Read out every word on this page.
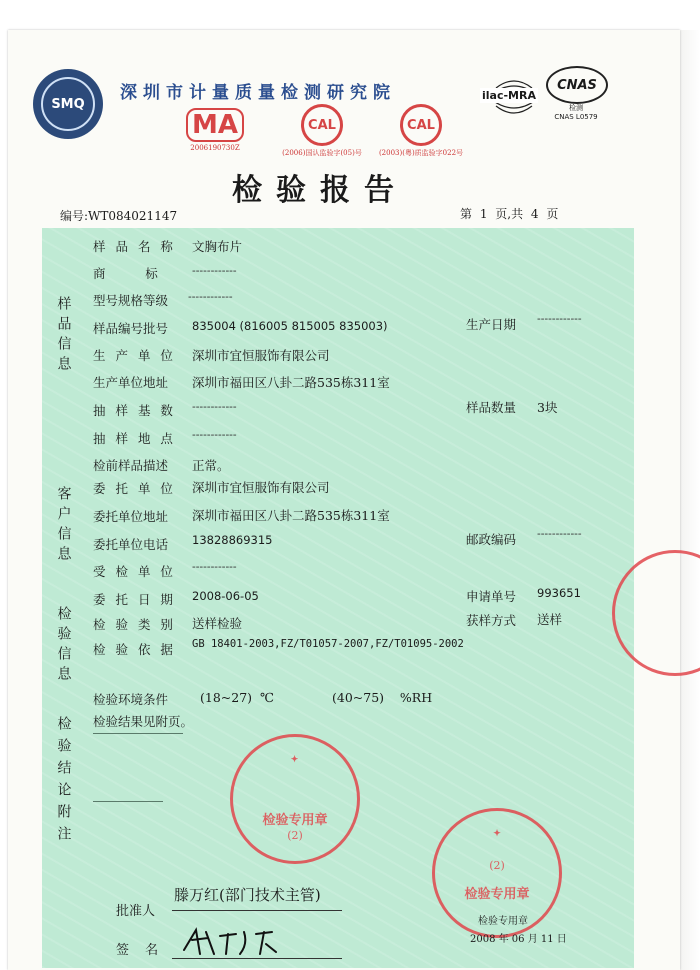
SMQ
深圳市计量质量检测研究院	ilac-MRA
CNAS
检测
CNAS L0579
MA
2006190730Z
CAL
(2006)国认监验字(05)号
CAL
(2003)(粤)质监验字022号
检验报告
编号:WT084021147	第 1 页,共 4 页
样品信息
客户信息
检验信息
检验结论附注
样 品 名 称 文胸布片
商          标	------------
型号规格等级 ------------
样品编号批号 835004 (816005 815005 835003)	生产日期 ------------
生 产 单 位 深圳市宜恒服饰有限公司
生产单位地址 深圳市福田区八卦二路535栋311室
抽 样 基 数 ------------	样品数量 3块
抽 样 地 点 ------------
检前样品描述 正常。
委 托 单 位 深圳市宜恒服饰有限公司
委托单位地址 深圳市福田区八卦二路535栋311室
委托单位电话 13828869315	邮政编码 ------------
受 检 单 位 ------------
委 托 日 期 2008-06-05	申请单号 993651
检 验 类 别 送样检验	获样方式 送样
检 验 依 据 GB 18401-2003,FZ/T01057-2007,FZ/T01095-2002
检验环境条件	(18~27)  ℃	(40~75)    %RH
检验结果见附页。
批准人
滕万红(部门技术主管)
签 名
✦
检验专用章
(2)	✦
检验专用章
(2)
检验专用章
2008 年 06 月 11 日
